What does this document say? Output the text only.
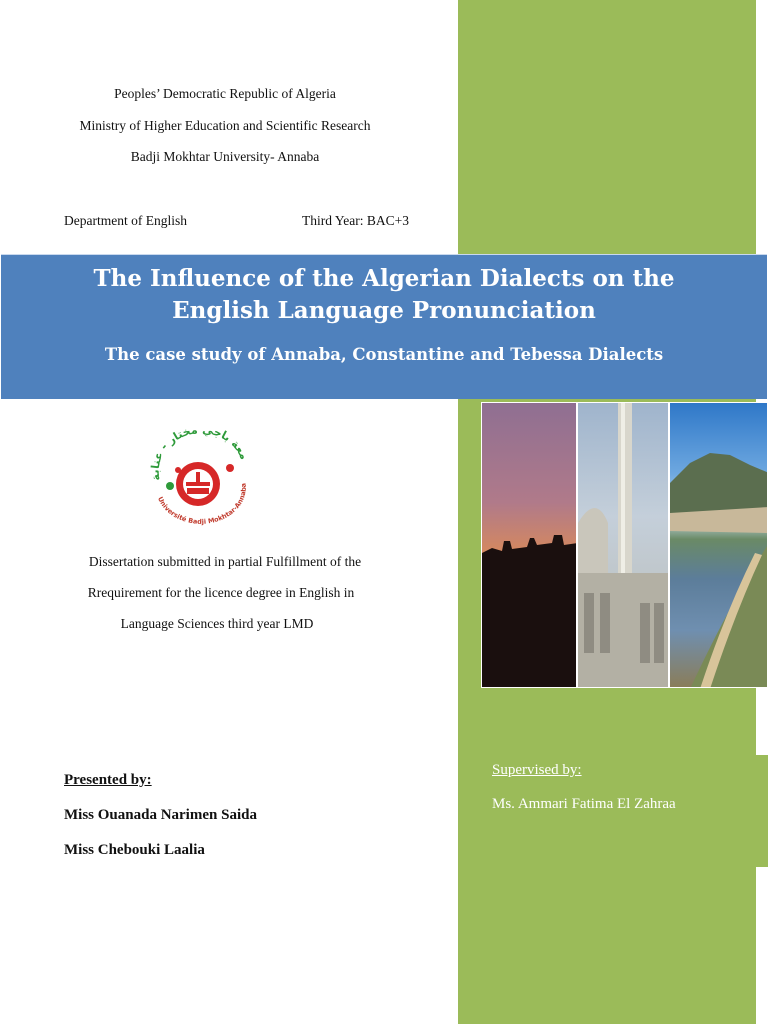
Peoples’ Democratic Republic of Algeria
Ministry of Higher Education and Scientific Research
Badji Mokhtar University- Annaba
Department of English	Third Year: BAC+3
The Influence of the Algerian Dialects on the
English Language Pronunciation
The case study of Annaba, Constantine and Tebessa Dialects
معة باجي مختار - عنابة
Université Badji Mokhtar-Annaba
Dissertation submitted in partial Fulfillment of the
Rrequirement for the licence degree in English in
Language Sciences third year LMD
Presented by:
Miss Ouanada Narimen Saida
Miss Chebouki Laalia
Supervised by:
Ms. Ammari Fatima El Zahraa
